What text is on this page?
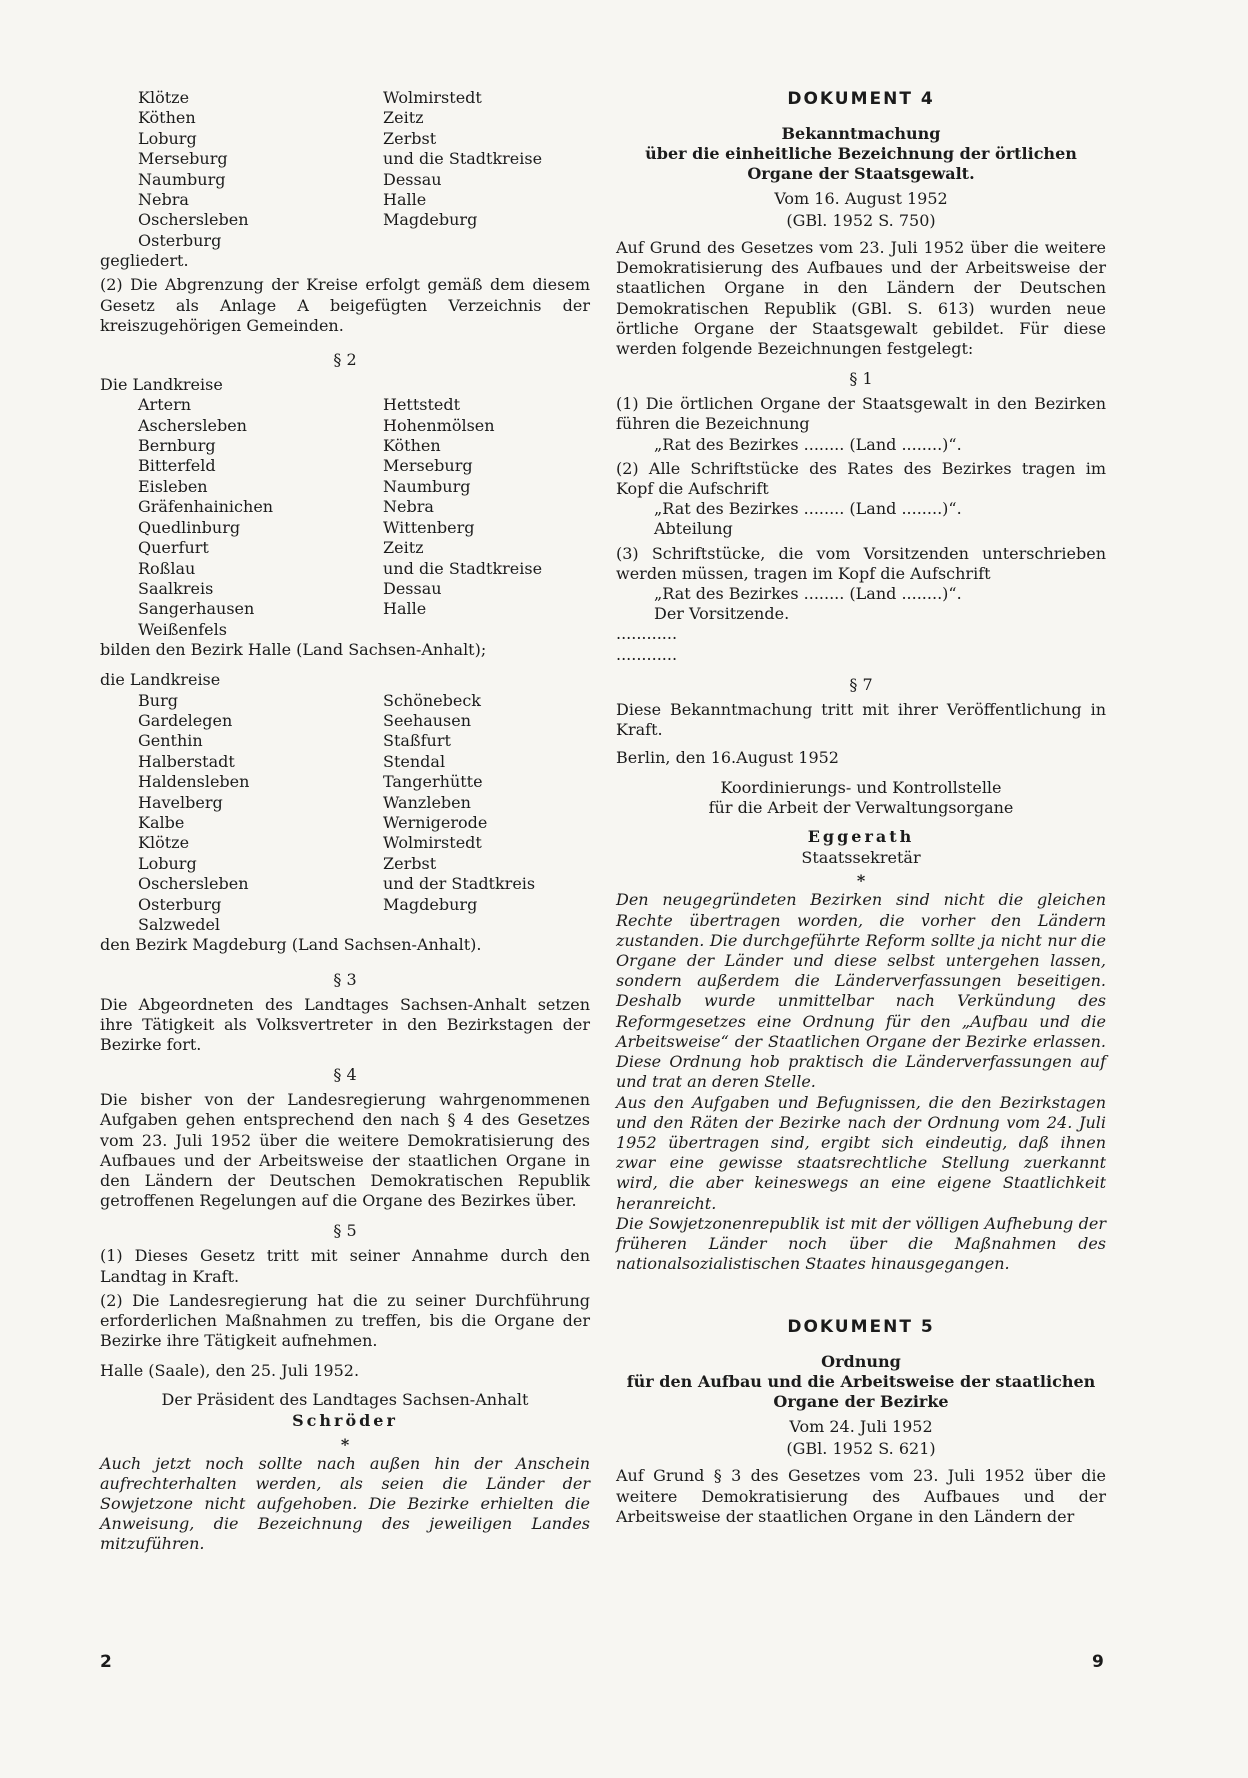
Klötze	Wolmirstedt
Köthen	Zeitz
Loburg	Zerbst
Merseburg	und die Stadtkreise
Naumburg	Dessau
Nebra	Halle
Oschersleben	Magdeburg
Osterburg

gegliedert.

(2) Die Abgrenzung der Kreise erfolgt gemäß dem diesem Gesetz als Anlage A beigefügten Verzeichnis der kreiszugehörigen Gemeinden.

§ 2

Die Landkreise

Artern	Hettstedt
Aschersleben	Hohenmölsen
Bernburg	Köthen
Bitterfeld	Merseburg
Eisleben	Naumburg
Gräfenhainichen	Nebra
Quedlinburg	Wittenberg
Querfurt	Zeitz
Roßlau	und die Stadtkreise
Saalkreis	Dessau
Sangerhausen	Halle
Weißenfels

bilden den Bezirk Halle (Land Sachsen-Anhalt);

die Landkreise

Burg	Schönebeck
Gardelegen	Seehausen
Genthin	Staßfurt
Halberstadt	Stendal
Haldensleben	Tangerhütte
Havelberg	Wanzleben
Kalbe	Wernigerode
Klötze	Wolmirstedt
Loburg	Zerbst
Oschersleben	und der Stadtkreis
Osterburg	Magdeburg
Salzwedel

den Bezirk Magdeburg (Land Sachsen-Anhalt).

§ 3

Die Abgeordneten des Landtages Sachsen-Anhalt setzen ihre Tätigkeit als Volksvertreter in den Bezirkstagen der Bezirke fort.

§ 4

Die bisher von der Landesregierung wahrgenommenen Aufgaben gehen entsprechend den nach § 4 des Gesetzes vom 23. Juli 1952 über die weitere Demokratisierung des Aufbaues und der Arbeitsweise der staatlichen Organe in den Ländern der Deutschen Demokratischen Republik getroffenen Regelungen auf die Organe des Bezirkes über.

§ 5

(1) Dieses Gesetz tritt mit seiner Annahme durch den Landtag in Kraft.

(2) Die Landesregierung hat die zu seiner Durchführung erforderlichen Maßnahmen zu treffen, bis die Organe der Bezirke ihre Tätigkeit aufnehmen.

Halle (Saale), den 25. Juli 1952.

Der Präsident des Landtages Sachsen-Anhalt
Schröder
*

Auch jetzt noch sollte nach außen hin der Anschein aufrechterhalten werden, als seien die Länder der Sowjetzone nicht aufgehoben. Die Bezirke erhielten die Anweisung, die Bezeichnung des jeweiligen Landes mitzuführen.

DOKUMENT 4
Bekanntmachung
über die einheitliche Bezeichnung der örtlichen Organe der Staatsgewalt.
Vom 16. August 1952
(GBl. 1952 S. 750)

Auf Grund des Gesetzes vom 23. Juli 1952 über die weitere Demokratisierung des Aufbaues und der Arbeitsweise der staatlichen Organe in den Ländern der Deutschen Demokratischen Republik (GBl. S. 613) wurden neue örtliche Organe der Staatsgewalt gebildet. Für diese werden folgende Bezeichnungen festgelegt:

§ 1

(1) Die örtlichen Organe der Staatsgewalt in den Bezirken führen die Bezeichnung

„Rat des Bezirkes ........ (Land ........)“.

(2) Alle Schriftstücke des Rates des Bezirkes tragen im Kopf die Aufschrift

„Rat des Bezirkes ........ (Land ........)“.

Abteilung

(3) Schriftstücke, die vom Vorsitzenden unterschrieben werden müssen, tragen im Kopf die Aufschrift

„Rat des Bezirkes ........ (Land ........)“.

Der Vorsitzende.

............

............

§ 7

Diese Bekanntmachung tritt mit ihrer Veröffentlichung in Kraft.

Berlin, den 16.August 1952

Koordinierungs- und Kontrollstelle
für die Arbeit der Verwaltungsorgane
Eggerath
Staatssekretär
*

Den neugegründeten Bezirken sind nicht die gleichen Rechte übertragen worden, die vorher den Ländern zustanden. Die durchgeführte Reform sollte ja nicht nur die Organe der Länder und diese selbst untergehen lassen, sondern außerdem die Länderverfassungen beseitigen. Deshalb wurde unmittelbar nach Verkündung des Reformgesetzes eine Ordnung für den „Aufbau und die Arbeitsweise“ der Staatlichen Organe der Bezirke erlassen. Diese Ordnung hob praktisch die Länderverfassungen auf und trat an deren Stelle.

Aus den Aufgaben und Befugnissen, die den Bezirkstagen und den Räten der Bezirke nach der Ordnung vom 24. Juli 1952 übertragen sind, ergibt sich eindeutig, daß ihnen zwar eine gewisse staatsrechtliche Stellung zuerkannt wird, die aber keineswegs an eine eigene Staatlichkeit heranreicht.

Die Sowjetzonenrepublik ist mit der völligen Aufhebung der früheren Länder noch über die Maßnahmen des nationalsozialistischen Staates hinausgegangen.

DOKUMENT 5
Ordnung
für den Aufbau und die Arbeitsweise der staatlichen Organe der Bezirke
Vom 24. Juli 1952
(GBl. 1952 S. 621)

Auf Grund § 3 des Gesetzes vom 23. Juli 1952 über die weitere Demokratisierung des Aufbaues und der Arbeitsweise der staatlichen Organe in den Ländern der

2	9
